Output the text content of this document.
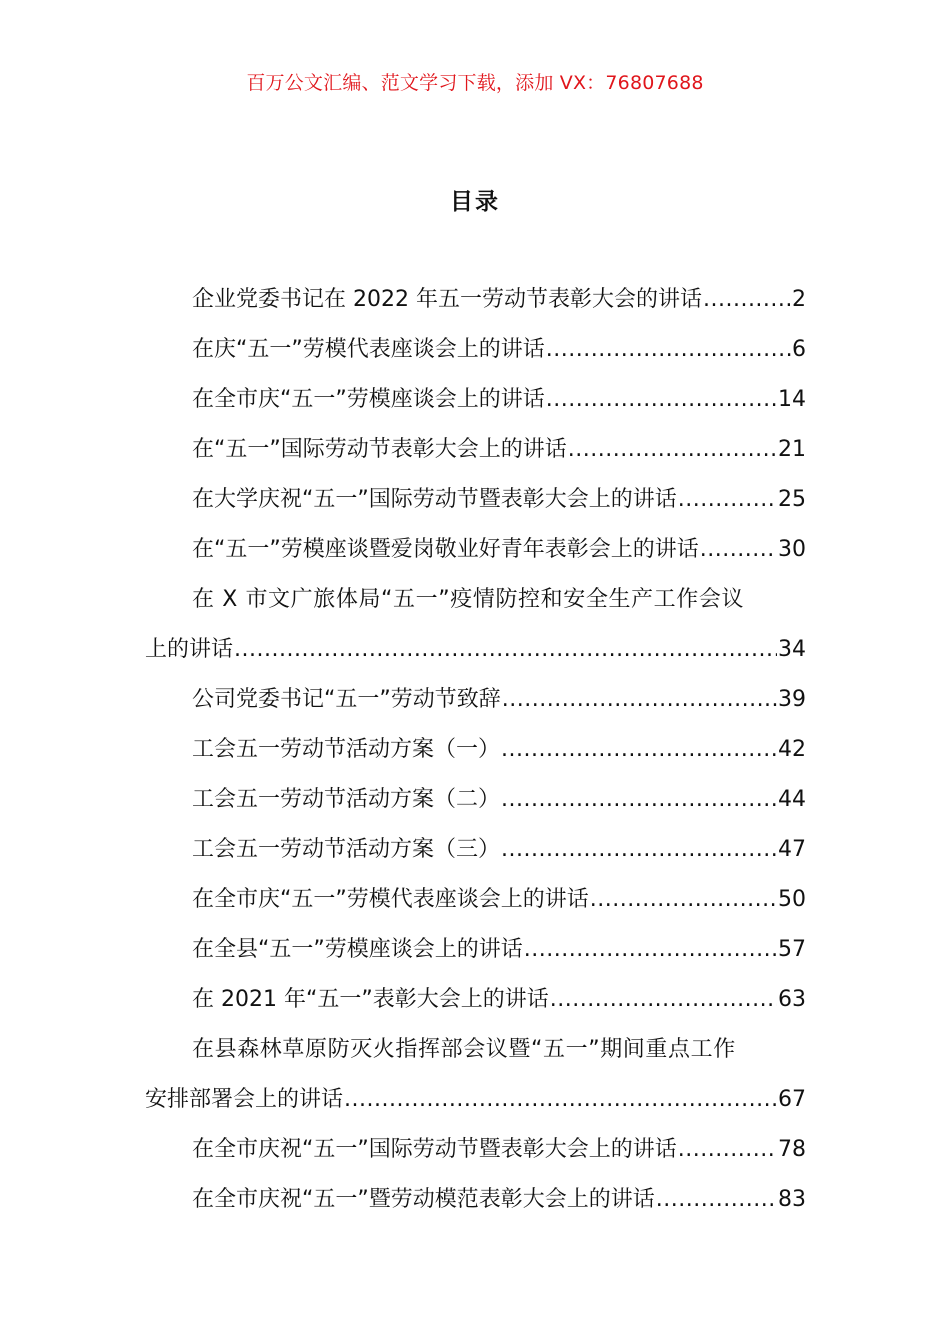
百万公文汇编、范文学习下载，添加 VX：76807688
目录
企业党委书记在 2022 年五一劳动节表彰大会的讲话 .....	2
在庆“五一”劳模代表座谈会上的讲话 .....	6
在全市庆“五一”劳模座谈会上的讲话 .....	14
在“五一”国际劳动节表彰大会上的讲话 .....	21
在大学庆祝“五一”国际劳动节暨表彰大会上的讲话 .....	25
在“五一”劳模座谈暨爱岗敬业好青年表彰会上的讲话 .....	30
在 X 市文广旅体局“五一”疫情防控和安全生产工作会议
上的讲话 .....	34
公司党委书记“五一”劳动节致辞 .....	39
工会五一劳动节活动方案（一） .....	42
工会五一劳动节活动方案（二） .....	44
工会五一劳动节活动方案（三） .....	47
在全市庆“五一”劳模代表座谈会上的讲话 .....	50
在全县“五一”劳模座谈会上的讲话 .....	57
在 2021 年“五一”表彰大会上的讲话 .....	63
在县森林草原防灭火指挥部会议暨“五一”期间重点工作
安排部署会上的讲话 .....	67
在全市庆祝“五一”国际劳动节暨表彰大会上的讲话 .....	78
在全市庆祝“五一”暨劳动模范表彰大会上的讲话 .....	83
